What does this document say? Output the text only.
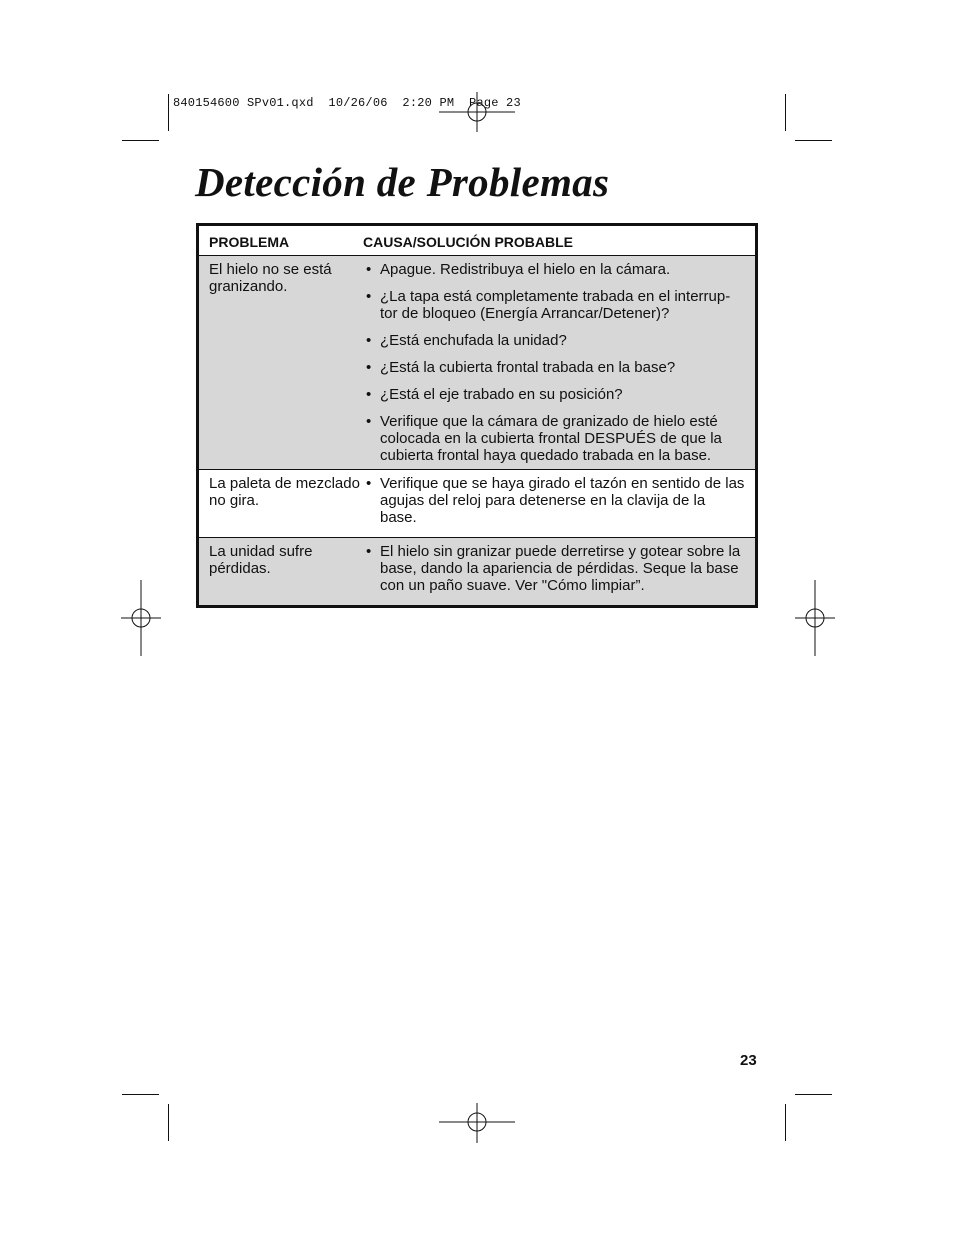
840154600 SPv01.qxd  10/26/06  2:20 PM  Page 23
Detección de Problemas
PROBLEMA	CAUSA/SOLUCIÓN PROBABLE
El hielo no se está granizando.
• Apague. Redistribuya el hielo en la cámara.
• ¿La tapa está completamente trabada en el interrup-tor de bloqueo (Energía Arrancar/Detener)?
• ¿Está enchufada la unidad?
• ¿Está la cubierta frontal trabada en la base?
• ¿Está el eje trabado en su posición?
• Verifique que la cámara de granizado de hielo esté colocada en la cubierta frontal DESPUÉS de que la cubierta frontal haya quedado trabada en la base.
La paleta de mezclado no gira.
• Verifique que se haya girado el tazón en sentido de las agujas del reloj para detenerse en la clavija de la base.
La unidad sufre pérdidas.
• El hielo sin granizar puede derretirse y gotear sobre la base, dando la apariencia de pérdidas. Seque la base con un paño suave. Ver "Cómo limpiar”.
23
